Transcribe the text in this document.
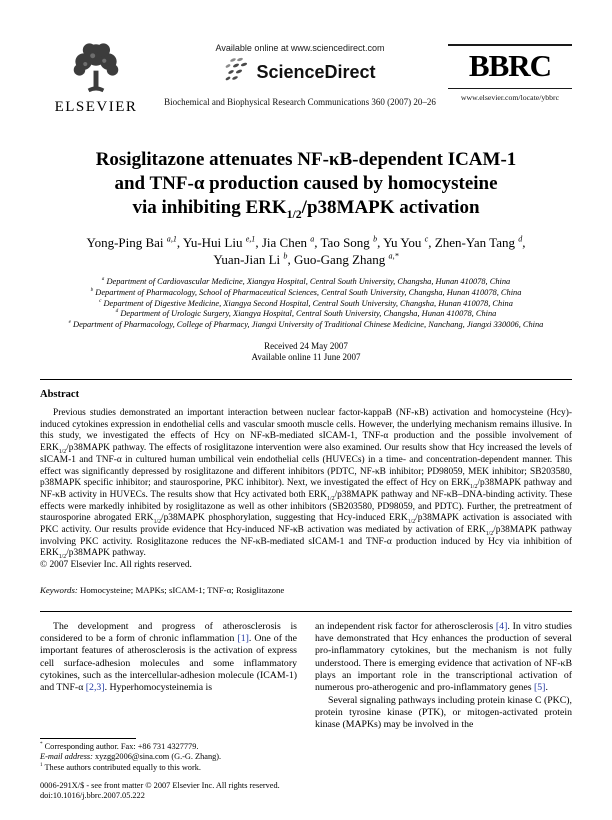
ELSEVIER
Available online at www.sciencedirect.com
ScienceDirect
Biochemical and Biophysical Research Communications 360 (2007) 20–26
BBRC
www.elsevier.com/locate/ybbrc
Rosiglitazone attenuates NF-κB-dependent ICAM-1
and TNF-α production caused by homocysteine
via inhibiting $ERK_{1/2}/p38MAPK$ activation
Yong-Ping Bai $^{a,1}$, Yu-Hui Liu $^{e,1}$, Jia Chen $^a$, Tao Song $^b$, Yu You $^c$, Zhen-Yan Tang $^d$,
Yuan-Jian Li $^b$, Guo-Gang Zhang $^{a,*}$
$^a$ Department of Cardiovascular Medicine, Xiangya Hospital, Central South University, Changsha, Hunan 410078, China
$^b$ Department of Pharmacology, School of Pharmaceutical Sciences, Central South University, Changsha, Hunan 410078, China
$^c$ Department of Digestive Medicine, Xiangya Second Hospital, Central South University, Changsha, Hunan 410078, China
$^d$ Department of Urologic Surgery, Xiangya Hospital, Central South University, Changsha, Hunan 410078, China
$^e$ Department of Pharmacology, College of Pharmacy, Jiangxi University of Traditional Chinese Medicine, Nanchang, Jiangxi 330006, China
Received 24 May 2007
Available online 11 June 2007
Abstract

Previous studies demonstrated an important interaction between nuclear factor-kappaB (NF-κB) activation and homocysteine (Hcy)-induced cytokines expression in endothelial cells and vascular smooth muscle cells. However, the underlying mechanism remains illusive. In this study, we investigated the effects of Hcy on NF-κB-mediated sICAM-1, TNF-α production and the possible involvement of $ERK_{1/2}/p38MAPK$ pathway. The effects of rosiglitazone intervention were also examined. Our results show that Hcy increased the levels of sICAM-1 and TNF-α in cultured human umbilical vein endothelial cells (HUVECs) in a time- and concentration-dependent manner. This effect was significantly depressed by rosiglitazone and different inhibitors (PDTC, NF-κB inhibitor; PD98059, MEK inhibitor; SB203580, p38MAPK specific inhibitor; and staurosporine, PKC inhibitor). Next, we investigated the effect of Hcy on $ERK_{1/2}/p38MAPK$ pathway and NF-κB activity in HUVECs. The results show that Hcy activated both $ERK_{1/2}/p38MAPK$ pathway and NF-κB–DNA-binding activity. These effects were markedly inhibited by rosiglitazone as well as other inhibitors (SB203580, PD98059, and PDTC). Further, the pretreatment of staurosporine abrogated $ERK_{1/2}/p38MAPK$ phosphorylation, suggesting that Hcy-induced $ERK_{1/2}/p38MAPK$ activation is associated with PKC activity. Our results provide evidence that Hcy-induced NF-κB activation was mediated by activation of $ERK_{1/2}/p38MAPK$ pathway involving PKC activity. Rosiglitazone reduces the NF-κB-mediated sICAM-1 and TNF-α production induced by Hcy via inhibition of $ERK_{1/2}/p38MAPK$ pathway.

© 2007 Elsevier Inc. All rights reserved.

Keywords: Homocysteine; MAPKs; sICAM-1; TNF-α; Rosiglitazone

The development and progress of atherosclerosis is considered to be a form of chronic inflammation [1]. One of the important features of atherosclerosis is the activation of express cell surface-adhesion molecules and some inflammatory cytokines, such as the intercellular-adhesion molecule (ICAM-1) and TNF-α [2,3]. Hyperhomocysteinemia is

* Corresponding author. Fax: +86 731 4327779.
E-mail address: xyzgg2006@sina.com (G.-G. Zhang).
$^1$ These authors contributed equally to this work.

an independent risk factor for atherosclerosis [4]. In vitro studies have demonstrated that Hcy enhances the production of several pro-inflammatory cytokines, but the mechanism is not fully understood. There is emerging evidence that activation of NF-κB plays an important role in the transcriptional activation of numerous pro-atherogenic and pro-inflammatory genes [5].

Several signaling pathways including protein kinase C (PKC), protein tyrosine kinase (PTK), or mitogen-activated protein kinase (MAPKs) may be involved in the

0006-291X/$ - see front matter © 2007 Elsevier Inc. All rights reserved.
doi:10.1016/j.bbrc.2007.05.222
